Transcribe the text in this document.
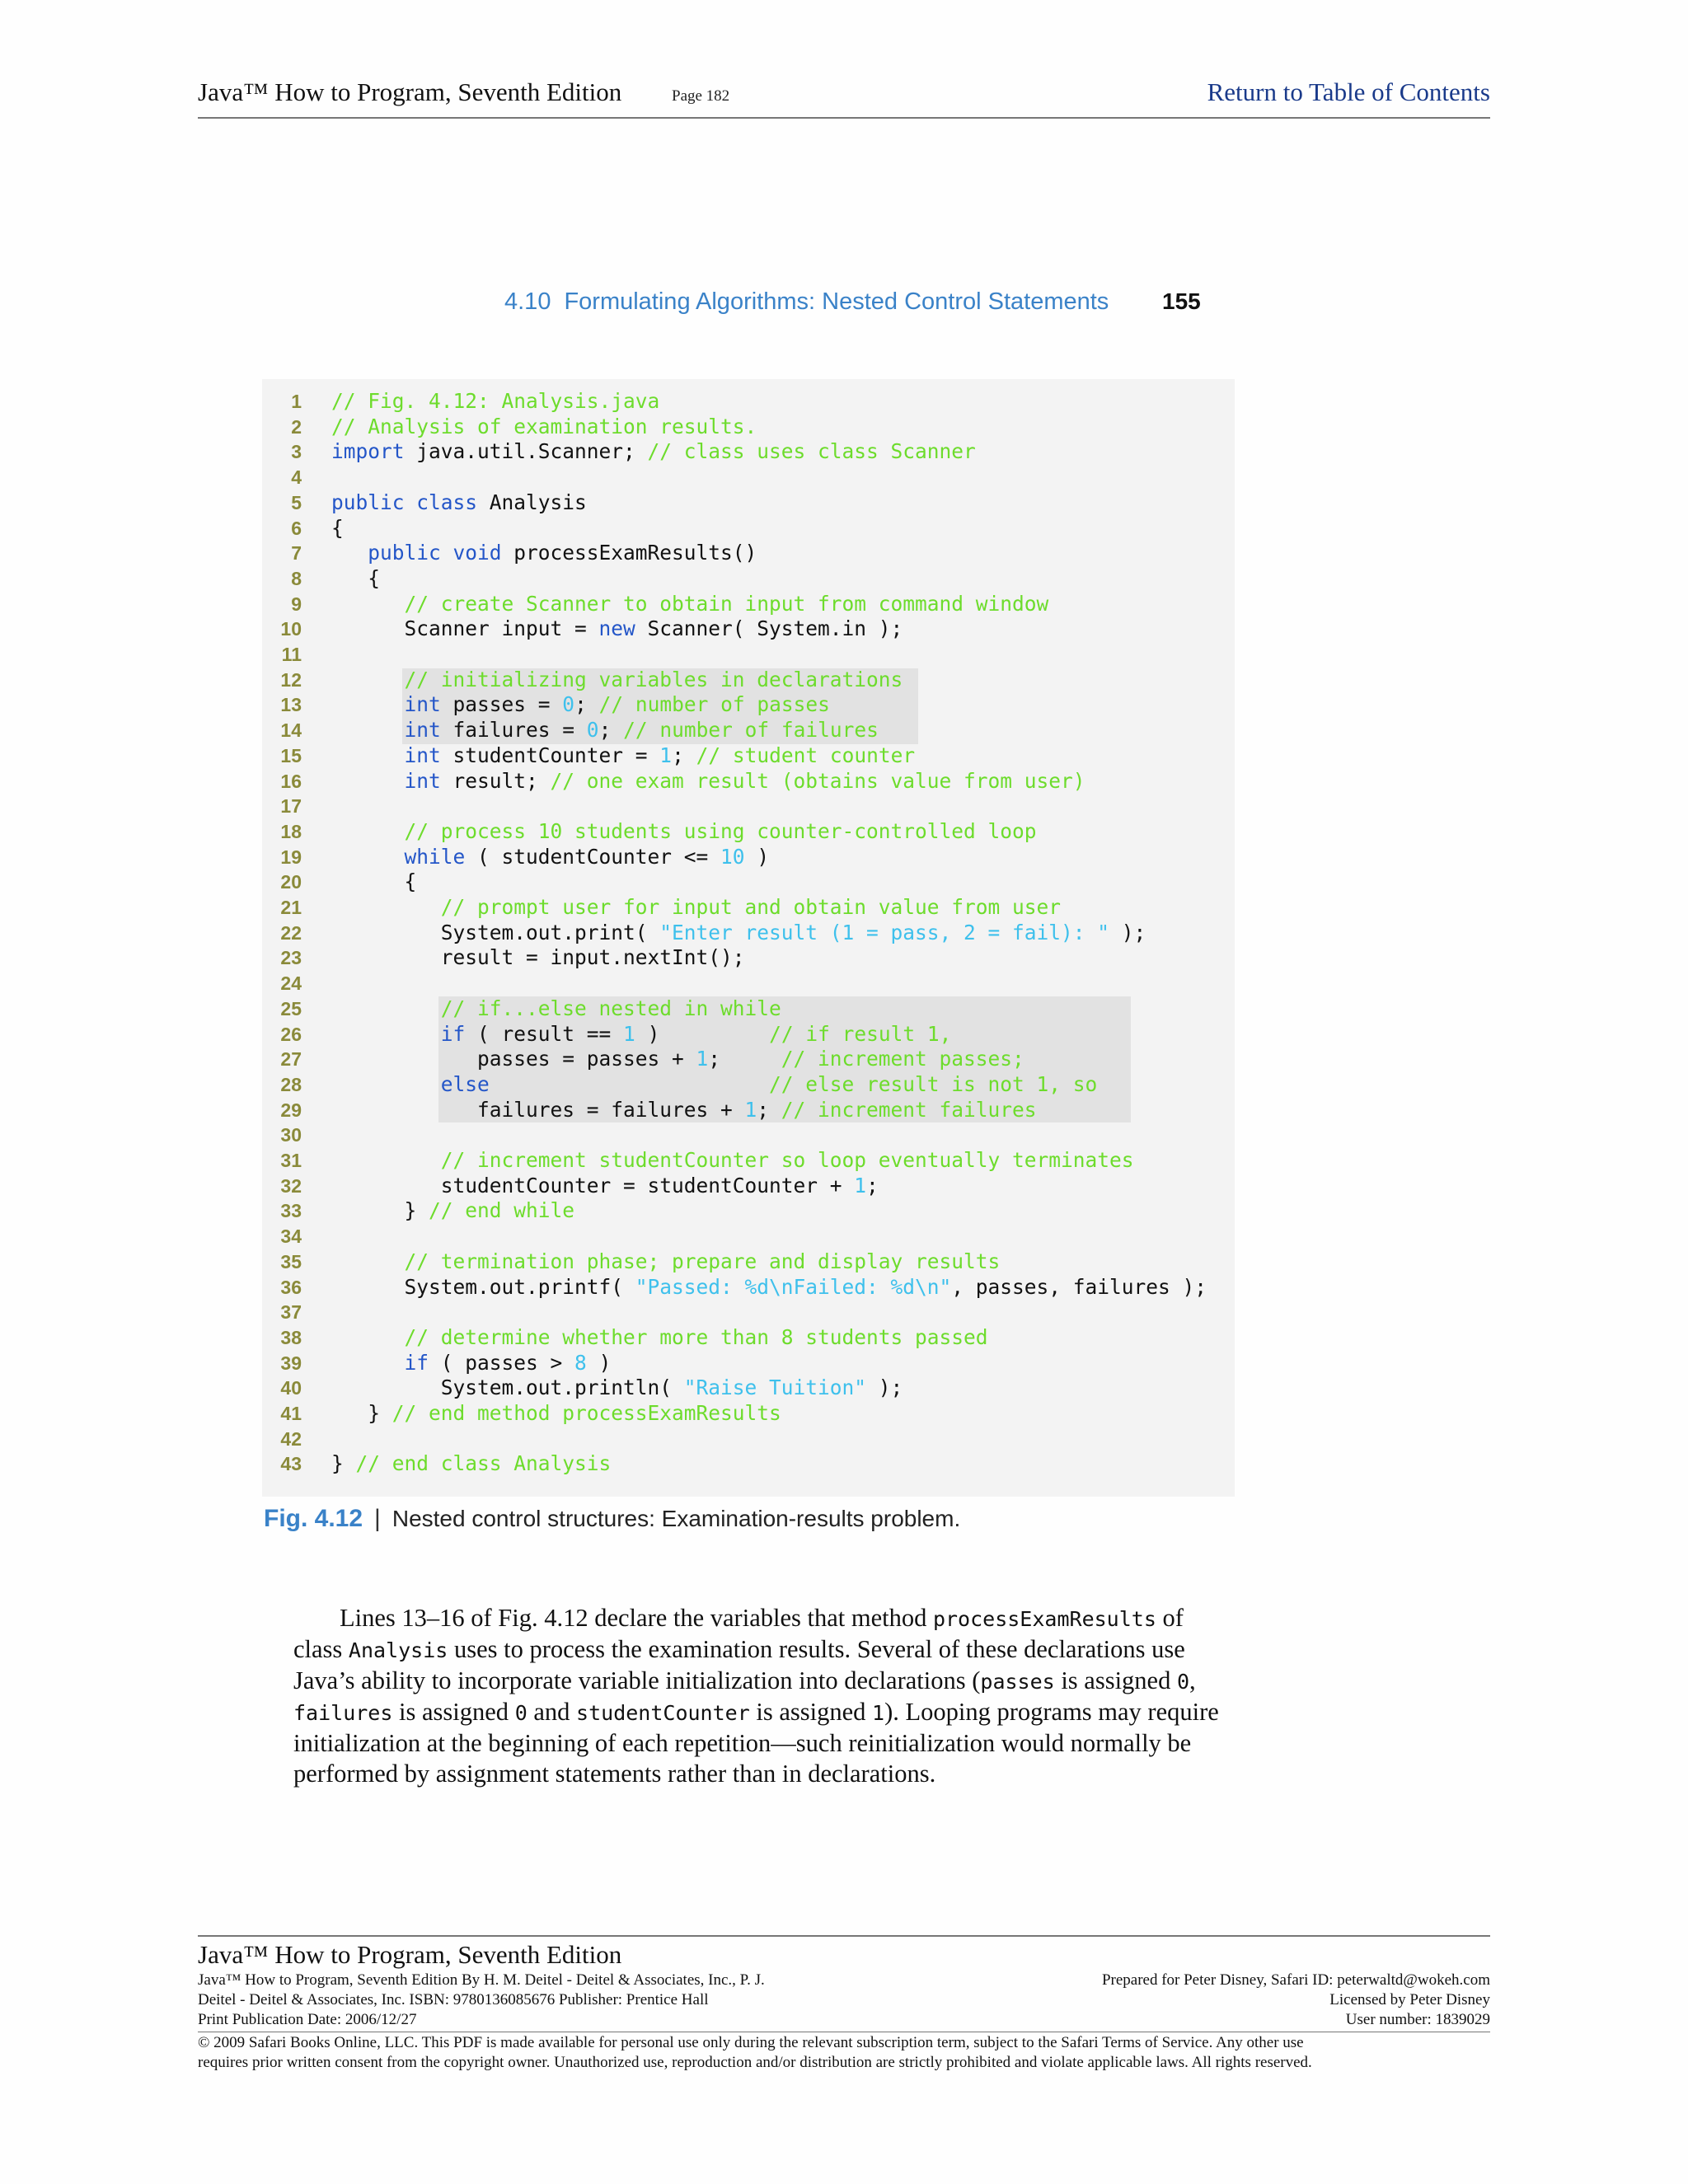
Java™ How to Program, Seventh Edition	Page 182	Return to Table of Contents
4.10 Formulating Algorithms: Nested Control Statements 155
1 // Fig. 4.12: Analysis.java
2 // Analysis of examination results.
3 import java.util.Scanner; // class uses class Scanner
4
5 public class Analysis
6 {
7	public void processExamResults()
8 {
9	// create Scanner to obtain input from command window
10 Scanner input = new Scanner( System.in );
11
12	// initializing variables in declarations
13	int passes = 0; // number of passes
14	int failures = 0; // number of failures
15	int studentCounter = 1; // student counter
16	int result; // one exam result (obtains value from user)
17
18	// process 10 students using counter-controlled loop
19	while ( studentCounter <= 10 )
20 {
21	// prompt user for input and obtain value from user
22 System.out.print( "Enter result (1 = pass, 2 = fail): " );
23 result = input.nextInt();
24
25	// if...else nested in while
26	if ( result == 1 )         // if result 1,
27 passes = passes + 1;     // increment passes;
28	else	// else result is not 1, so
29 failures = failures + 1; // increment failures
30
31	// increment studentCounter so loop eventually terminates
32 studentCounter = studentCounter + 1;
33 } // end while
34
35	// termination phase; prepare and display results
36 System.out.printf( "Passed: %d\nFailed: %d\n", passes, failures );
37
38	// determine whether more than 8 students passed
39	if ( passes > 8 )
40 System.out.println( "Raise Tuition" );
41 } // end method processExamResults
42
43 } // end class Analysis
Fig. 4.12 | Nested control structures: Examination-results problem.
Lines 13–16 of Fig. 4.12 declare the variables that method processExamResults of
class Analysis uses to process the examination results. Several of these declarations use
Java’s ability to incorporate variable initialization into declarations (passes is assigned 0,
failures is assigned 0 and studentCounter is assigned 1). Looping programs may require
initialization at the beginning of each repetition—such reinitialization would normally be
performed by assignment statements rather than in declarations.
Java™ How to Program, Seventh Edition
Java™ How to Program, Seventh Edition By H. M. Deitel - Deitel & Associates, Inc., P. J.
Deitel - Deitel & Associates, Inc. ISBN: 9780136085676 Publisher: Prentice Hall
Print Publication Date: 2006/12/27
Prepared for Peter Disney, Safari ID: peterwaltd@wokeh.com
Licensed by Peter Disney
User number: 1839029
© 2009 Safari Books Online, LLC. This PDF is made available for personal use only during the relevant subscription term, subject to the Safari Terms of Service. Any other use
requires prior written consent from the copyright owner. Unauthorized use, reproduction and/or distribution are strictly prohibited and violate applicable laws. All rights reserved.
